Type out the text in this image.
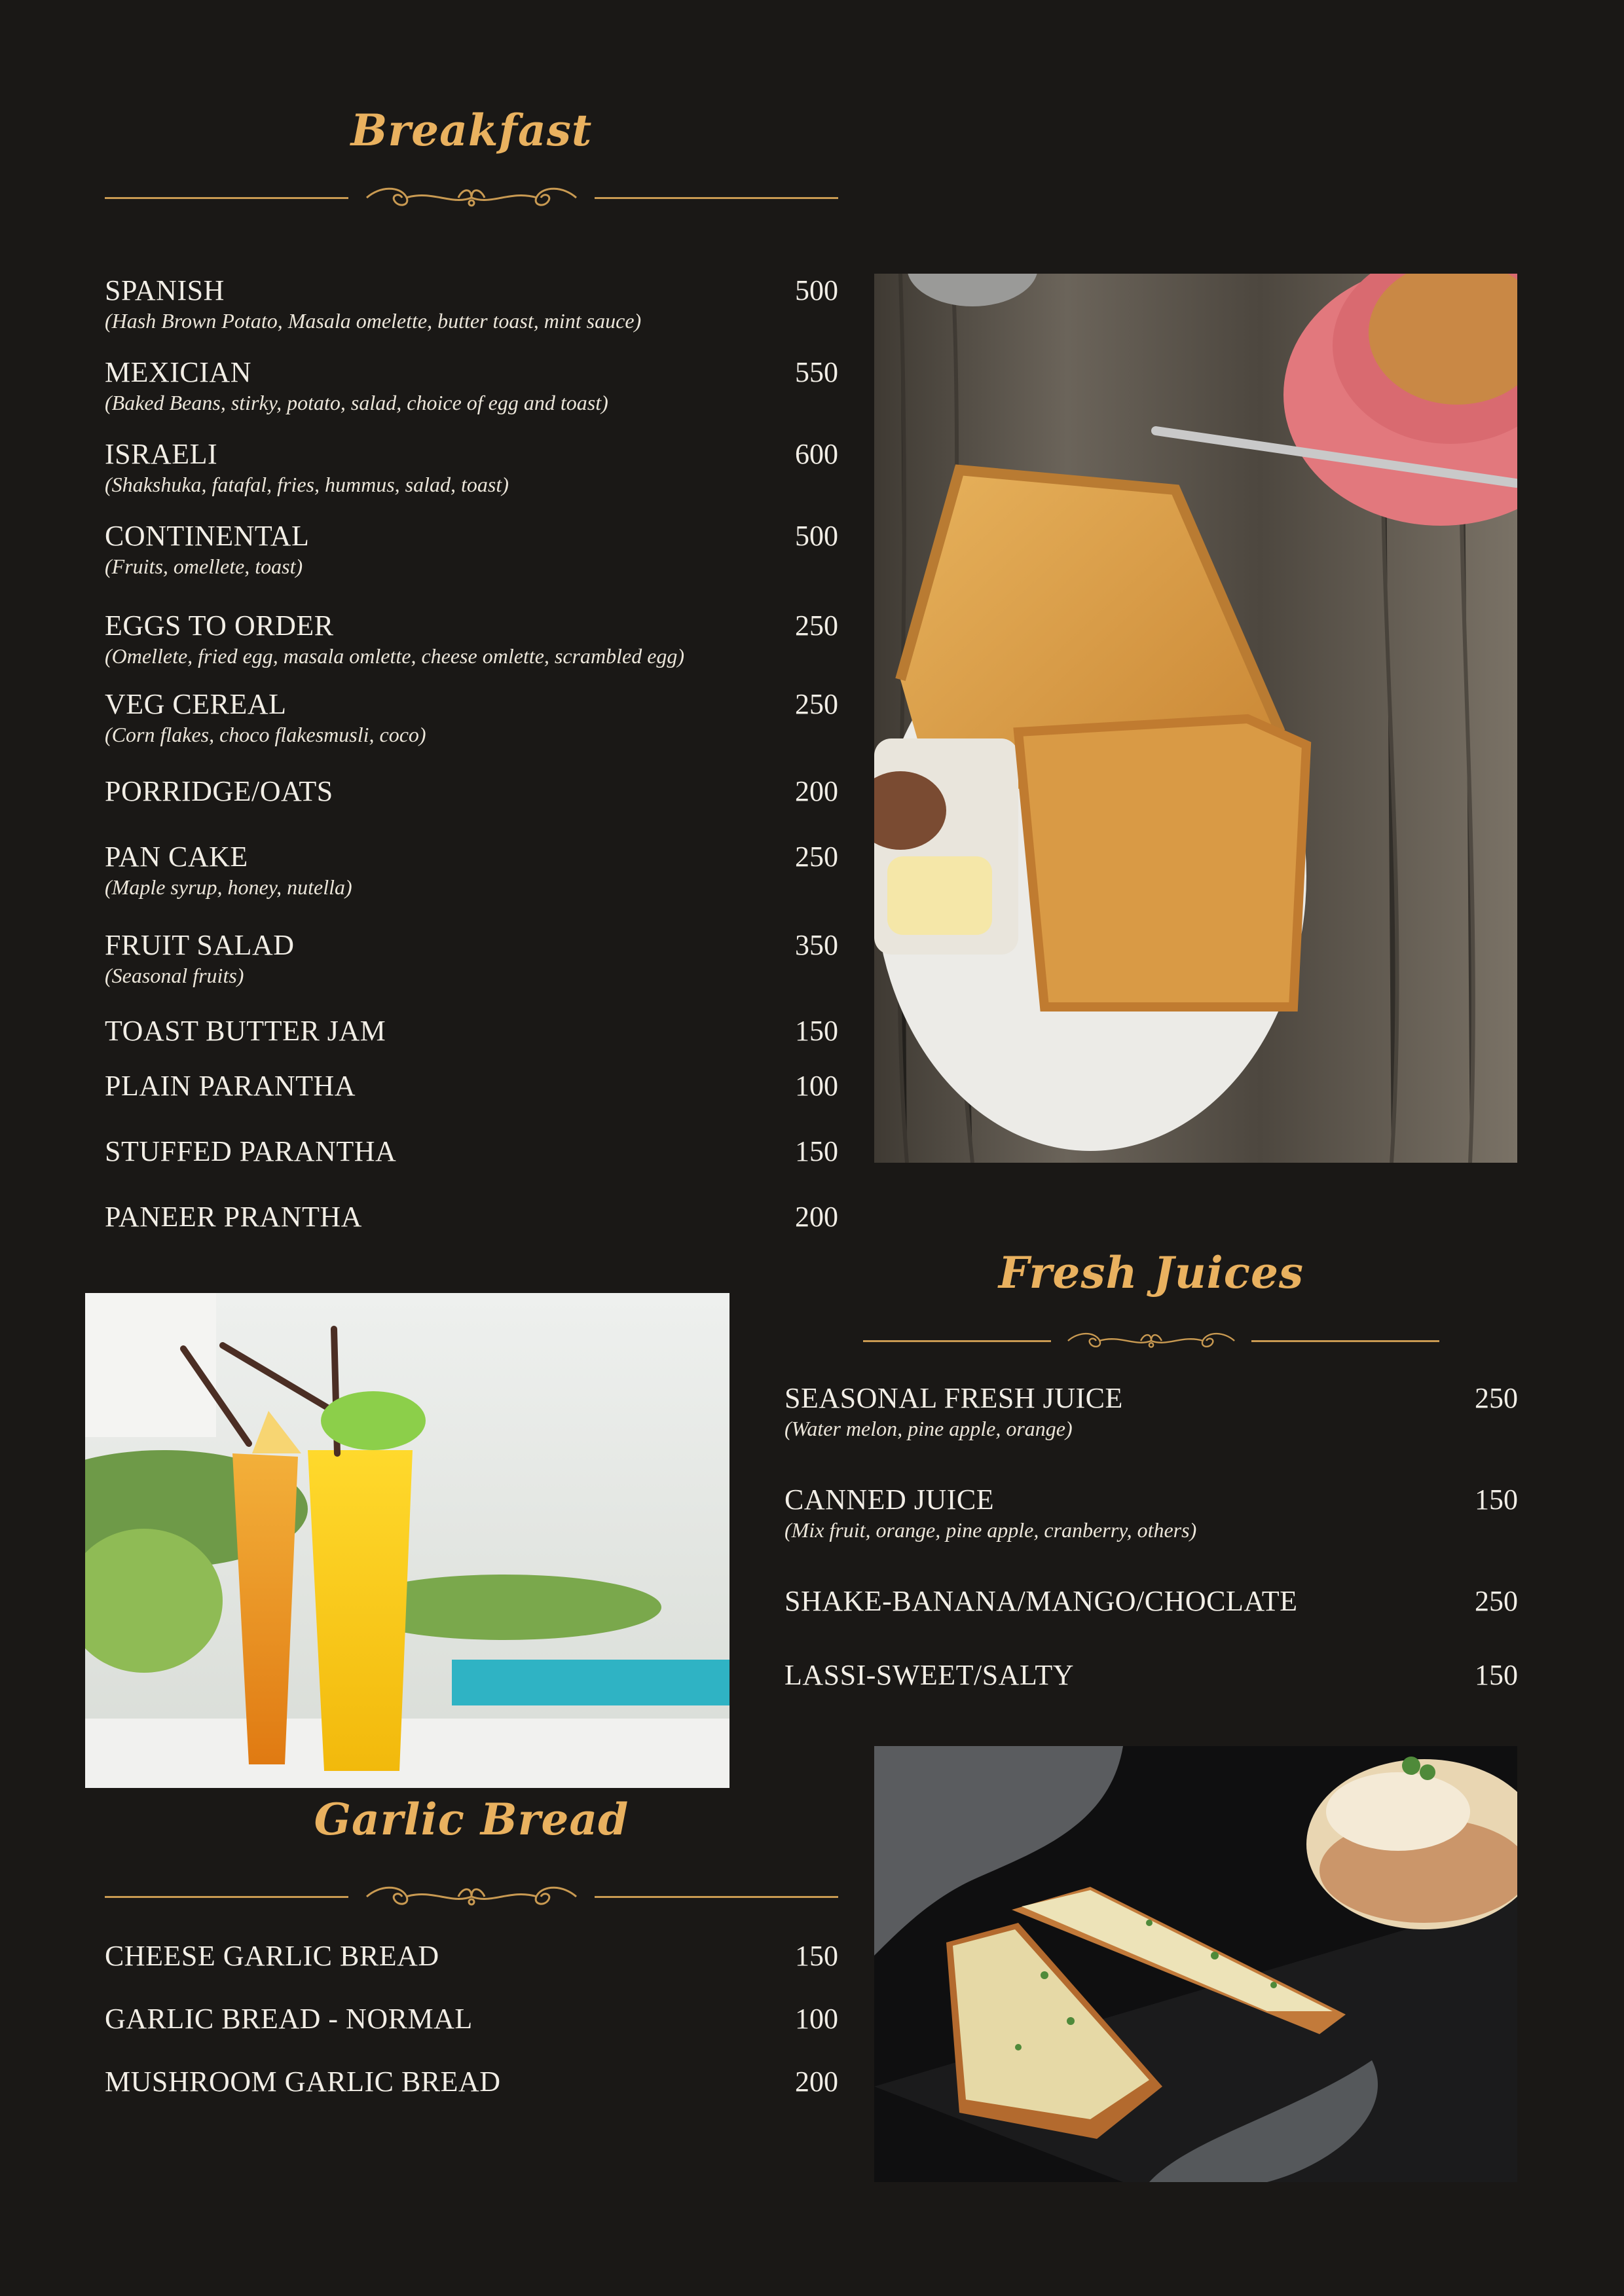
Breakfast
SPANISH
(Hash Brown Potato, Masala omelette, butter toast, mint sauce)
500
MEXICIAN
(Baked Beans, stirky, potato, salad, choice of egg and toast)
550
ISRAELI
(Shakshuka, fatafal, fries, hummus, salad, toast)
600
CONTINENTAL
(Fruits, omellete, toast)
500
EGGS TO ORDER
(Omellete, fried egg, masala omlette, cheese omlette, scrambled egg)
250
VEG CEREAL
(Corn flakes, choco flakesmusli, coco)
250
PORRIDGE/OATS	200
PAN CAKE
(Maple syrup, honey, nutella)
250
FRUIT SALAD
(Seasonal fruits)
350
TOAST BUTTER JAM	150
PLAIN PARANTHA	100
STUFFED PARANTHA	150
PANEER PRANTHA	200
Fresh Juices
SEASONAL FRESH JUICE
(Water melon, pine apple, orange)
250
CANNED JUICE
(Mix fruit, orange, pine apple, cranberry, others)
150
SHAKE-BANANA/MANGO/CHOCLATE	250
LASSI-SWEET/SALTY	150
Garlic Bread
CHEESE GARLIC BREAD	150
GARLIC BREAD - NORMAL	100
MUSHROOM GARLIC BREAD	200
